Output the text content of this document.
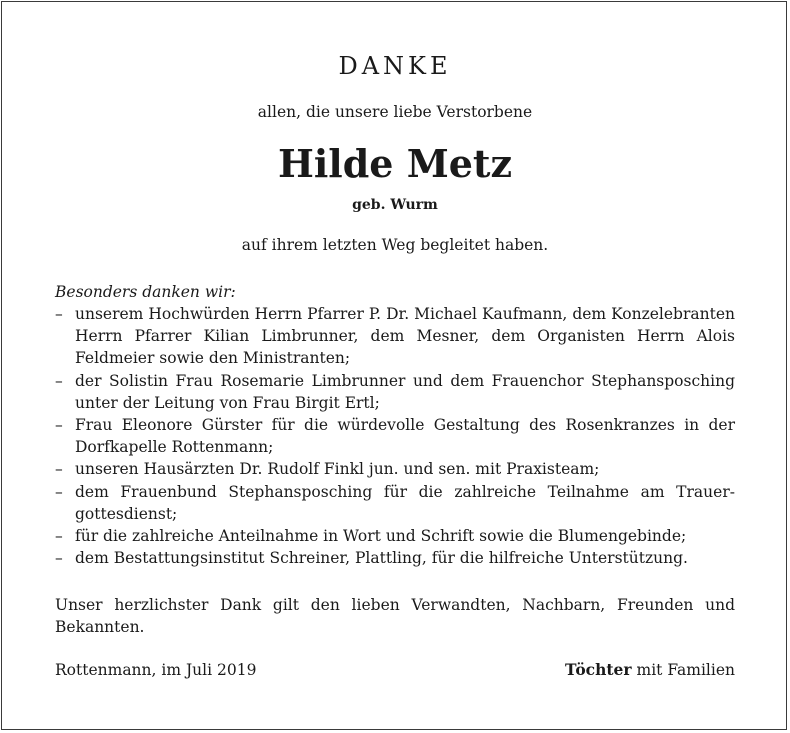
DANKE
allen, die unsere liebe Verstorbene
Hilde Metz
geb. Wurm
auf ihrem letzten Weg begleitet haben.

Besonders danken wir:

– unserem Hochwürden Herrn Pfarrer P. Dr. Michael Kaufmann, dem Konzelebranten Herrn Pfarrer Kilian Limbrunner, dem Mesner, dem Organisten Herrn Alois Feldmeier sowie den Ministranten;
– der Solistin Frau Rosemarie Limbrunner und dem Frauenchor Stephansposching unter der Leitung von Frau Birgit Ertl;
– Frau Eleonore Gürster für die würdevolle Gestaltung des Rosenkranzes in der Dorfkapelle Rottenmann;
– unseren Hausärzten Dr. Rudolf Finkl jun. und sen. mit Praxisteam;
– dem Frauenbund Stephansposching für die zahlreiche Teilnahme am Trauergottesdienst;
– für die zahlreiche Anteilnahme in Wort und Schrift sowie die Blumengebinde;
– dem Bestattungsinstitut Schreiner, Plattling, für die hilfreiche Unterstützung.
Unser herzlichster Dank gilt den lieben Verwandten, Nachbarn, Freunden und Bekannten.
Rottenmann, im Juli 2019	Töchter mit Familien
